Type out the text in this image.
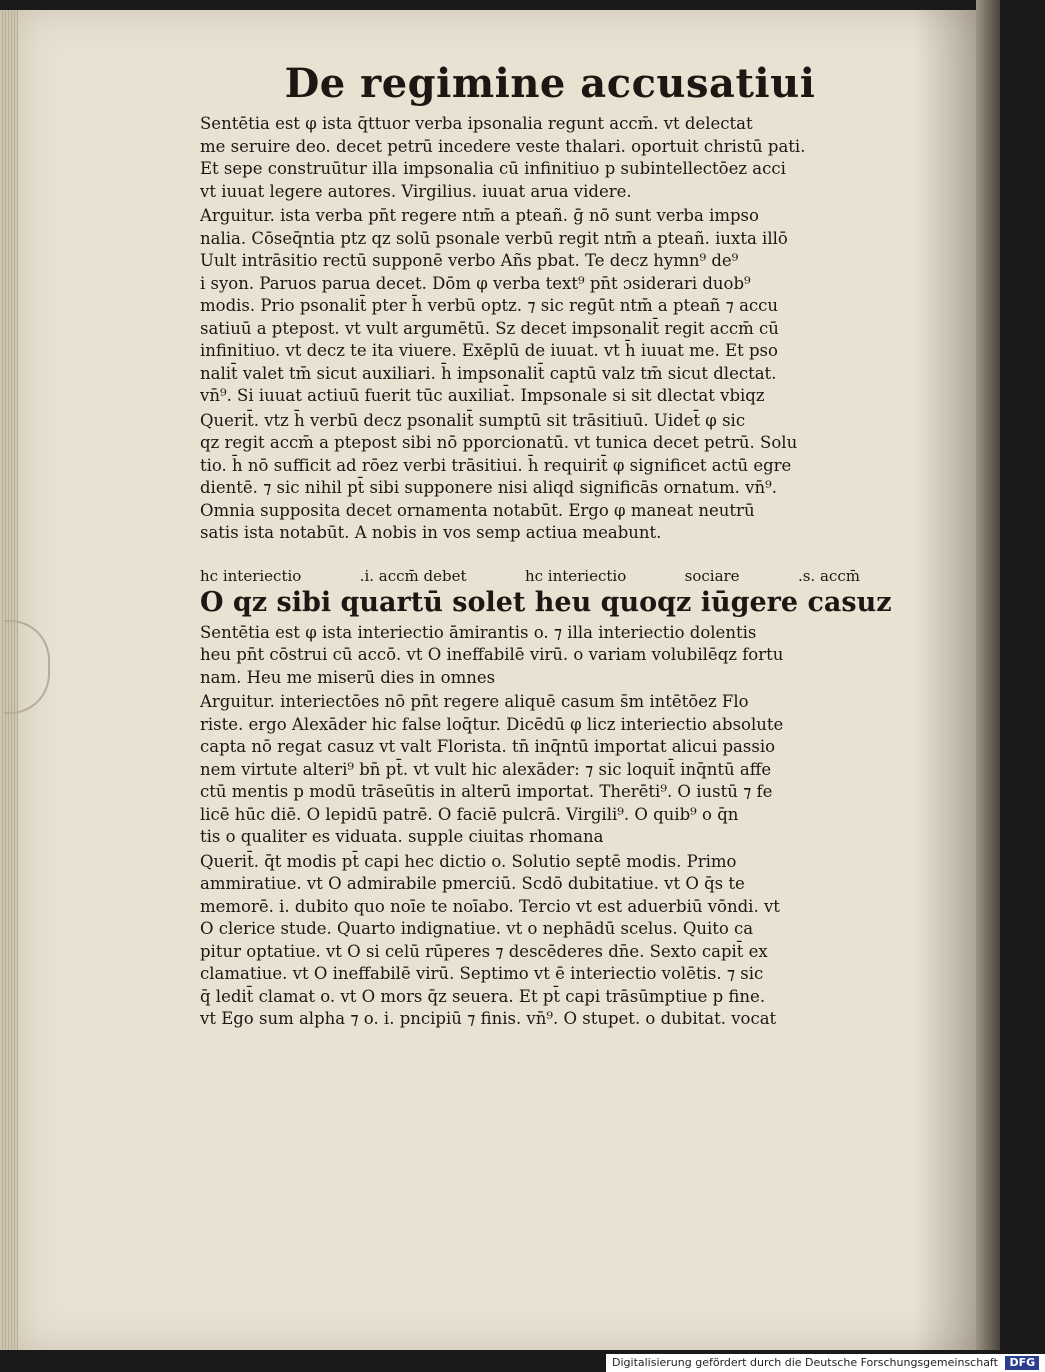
De regimine accusatiui
Sentētia est φ ista q̄ttuor verba ipsonalia regunt accm̄. vt delectat
me seruire deo. decet petrū incedere veste thalari. oportuit christū pati.
Et sepe construūtur illa impsonalia cū infinitiuo p subintellectōez acci
vt iuuat legere autores. Virgilius. iuuat arua videre.
Arguitur. ista verba pn̄t regere ntm̄ a pteañ. ḡ nō sunt verba impso
nalia. Cōseq̄ntia ptz qz solū psonale verbū regit ntm̄ a pteañ. iuxta illō
Uult intrāsitio rectū supponē verbo Añs pbat. Te decz hymn⁹ de⁹
i syon. Paruos parua decet. Dōm φ verba text⁹ pn̄t ɔsiderari duob⁹
modis. Prio psonalit̄ pter h̄ verbū optz. ⁊ sic regūt ntm̄ a pteañ ⁊ accu
satiuū a ptepost. vt vult argumētū. Sz decet impsonalit̄ regit accm̄ cū
infinitiuo. vt decz te ita viuere. Exēplū de iuuat. vt h̄ iuuat me. Et pso
nalit̄ valet tm̄ sicut auxiliari. h̄ impsonalit̄ captū valz tm̄ sicut dlectat.
vn̄⁹. Si iuuat actiuū fuerit tūc auxiliat̄. Impsonale si sit dlectat vbiqz
Querit̄. vtz h̄ verbū decz psonalit̄ sumptū sit trāsitiuū. Uidet̄ φ sic
qz regit accm̄ a ptepost sibi nō pporcionatū. vt tunica decet petrū. Solu
tio. h̄ nō sufficit ad rōez verbi trāsitiui. h̄ requirit̄ φ significet actū egre
dientē. ⁊ sic nihil pt̄ sibi supponere nisi aliqd significās ornatum. vn̄⁹.
Omnia supposita decet ornamenta notabūt. Ergo φ maneat neutrū
satis ista notabūt. A nobis in vos semp actiua meabunt.
hc interiectio	.i. accm̄ debet	hc interiectio	sociare	.s. accm̄
O qz sibi quartū solet heu quoqz iūgere casuz
Sentētia est φ ista interiectio āmirantis o. ⁊ illa interiectio dolentis
heu pn̄t cōstrui cū accō. vt O ineffabilē virū. o variam volubilēqz fortu
nam. Heu me miserū dies in omnes
Arguitur. interiectōes nō pn̄t regere aliquē casum s̄m intētōez Flo
riste. ergo Alexāder hic false loq̄tur. Dicēdū φ licz interiectio absolute
capta nō regat casuz vt valt Florista. tn̄ inq̄ntū importat alicui passio
nem virtute alteri⁹ bn̄ pt̄. vt vult hic alexāder: ⁊ sic loquit̄ inq̄ntū affe
ctū mentis p modū trāseūtis in alterū importat. Therēti⁹. O iustū ⁊ fe
licē hūc diē. O lepidū patrē. O faciē pulcrā. Virgili⁹. O quib⁹ o q̄n
tis o qualiter es viduata. supple ciuitas rhomana
Querit̄. q̄t modis pt̄ capi hec dictio o. Solutio septē modis. Primo
ammiratiue. vt O admirabile pmerciū. Scdō dubitatiue. vt O q̄s te
memorē. i. dubito quo noīe te noīabo. Tercio vt est aduerbiū vōndi. vt
O clerice stude. Quarto indignatiue. vt o nephādū scelus. Quito ca
pitur optatiue. vt O si celū rūperes ⁊ descēderes dn̄e. Sexto capit̄ ex
clamatiue. vt O ineffabilē virū. Septimo vt ē interiectio volētis. ⁊ sic
q̄ ledit̄ clamat o. vt O mors q̄z seuera. Et pt̄ capi trāsūmptiue p fine.
vt Ego sum alpha ⁊ o. i. pncipiū ⁊ finis. vn̄⁹. O stupet. o dubitat. vocat
Digitalisierung gefördert durch die Deutsche Forschungsgemeinschaft DFG
